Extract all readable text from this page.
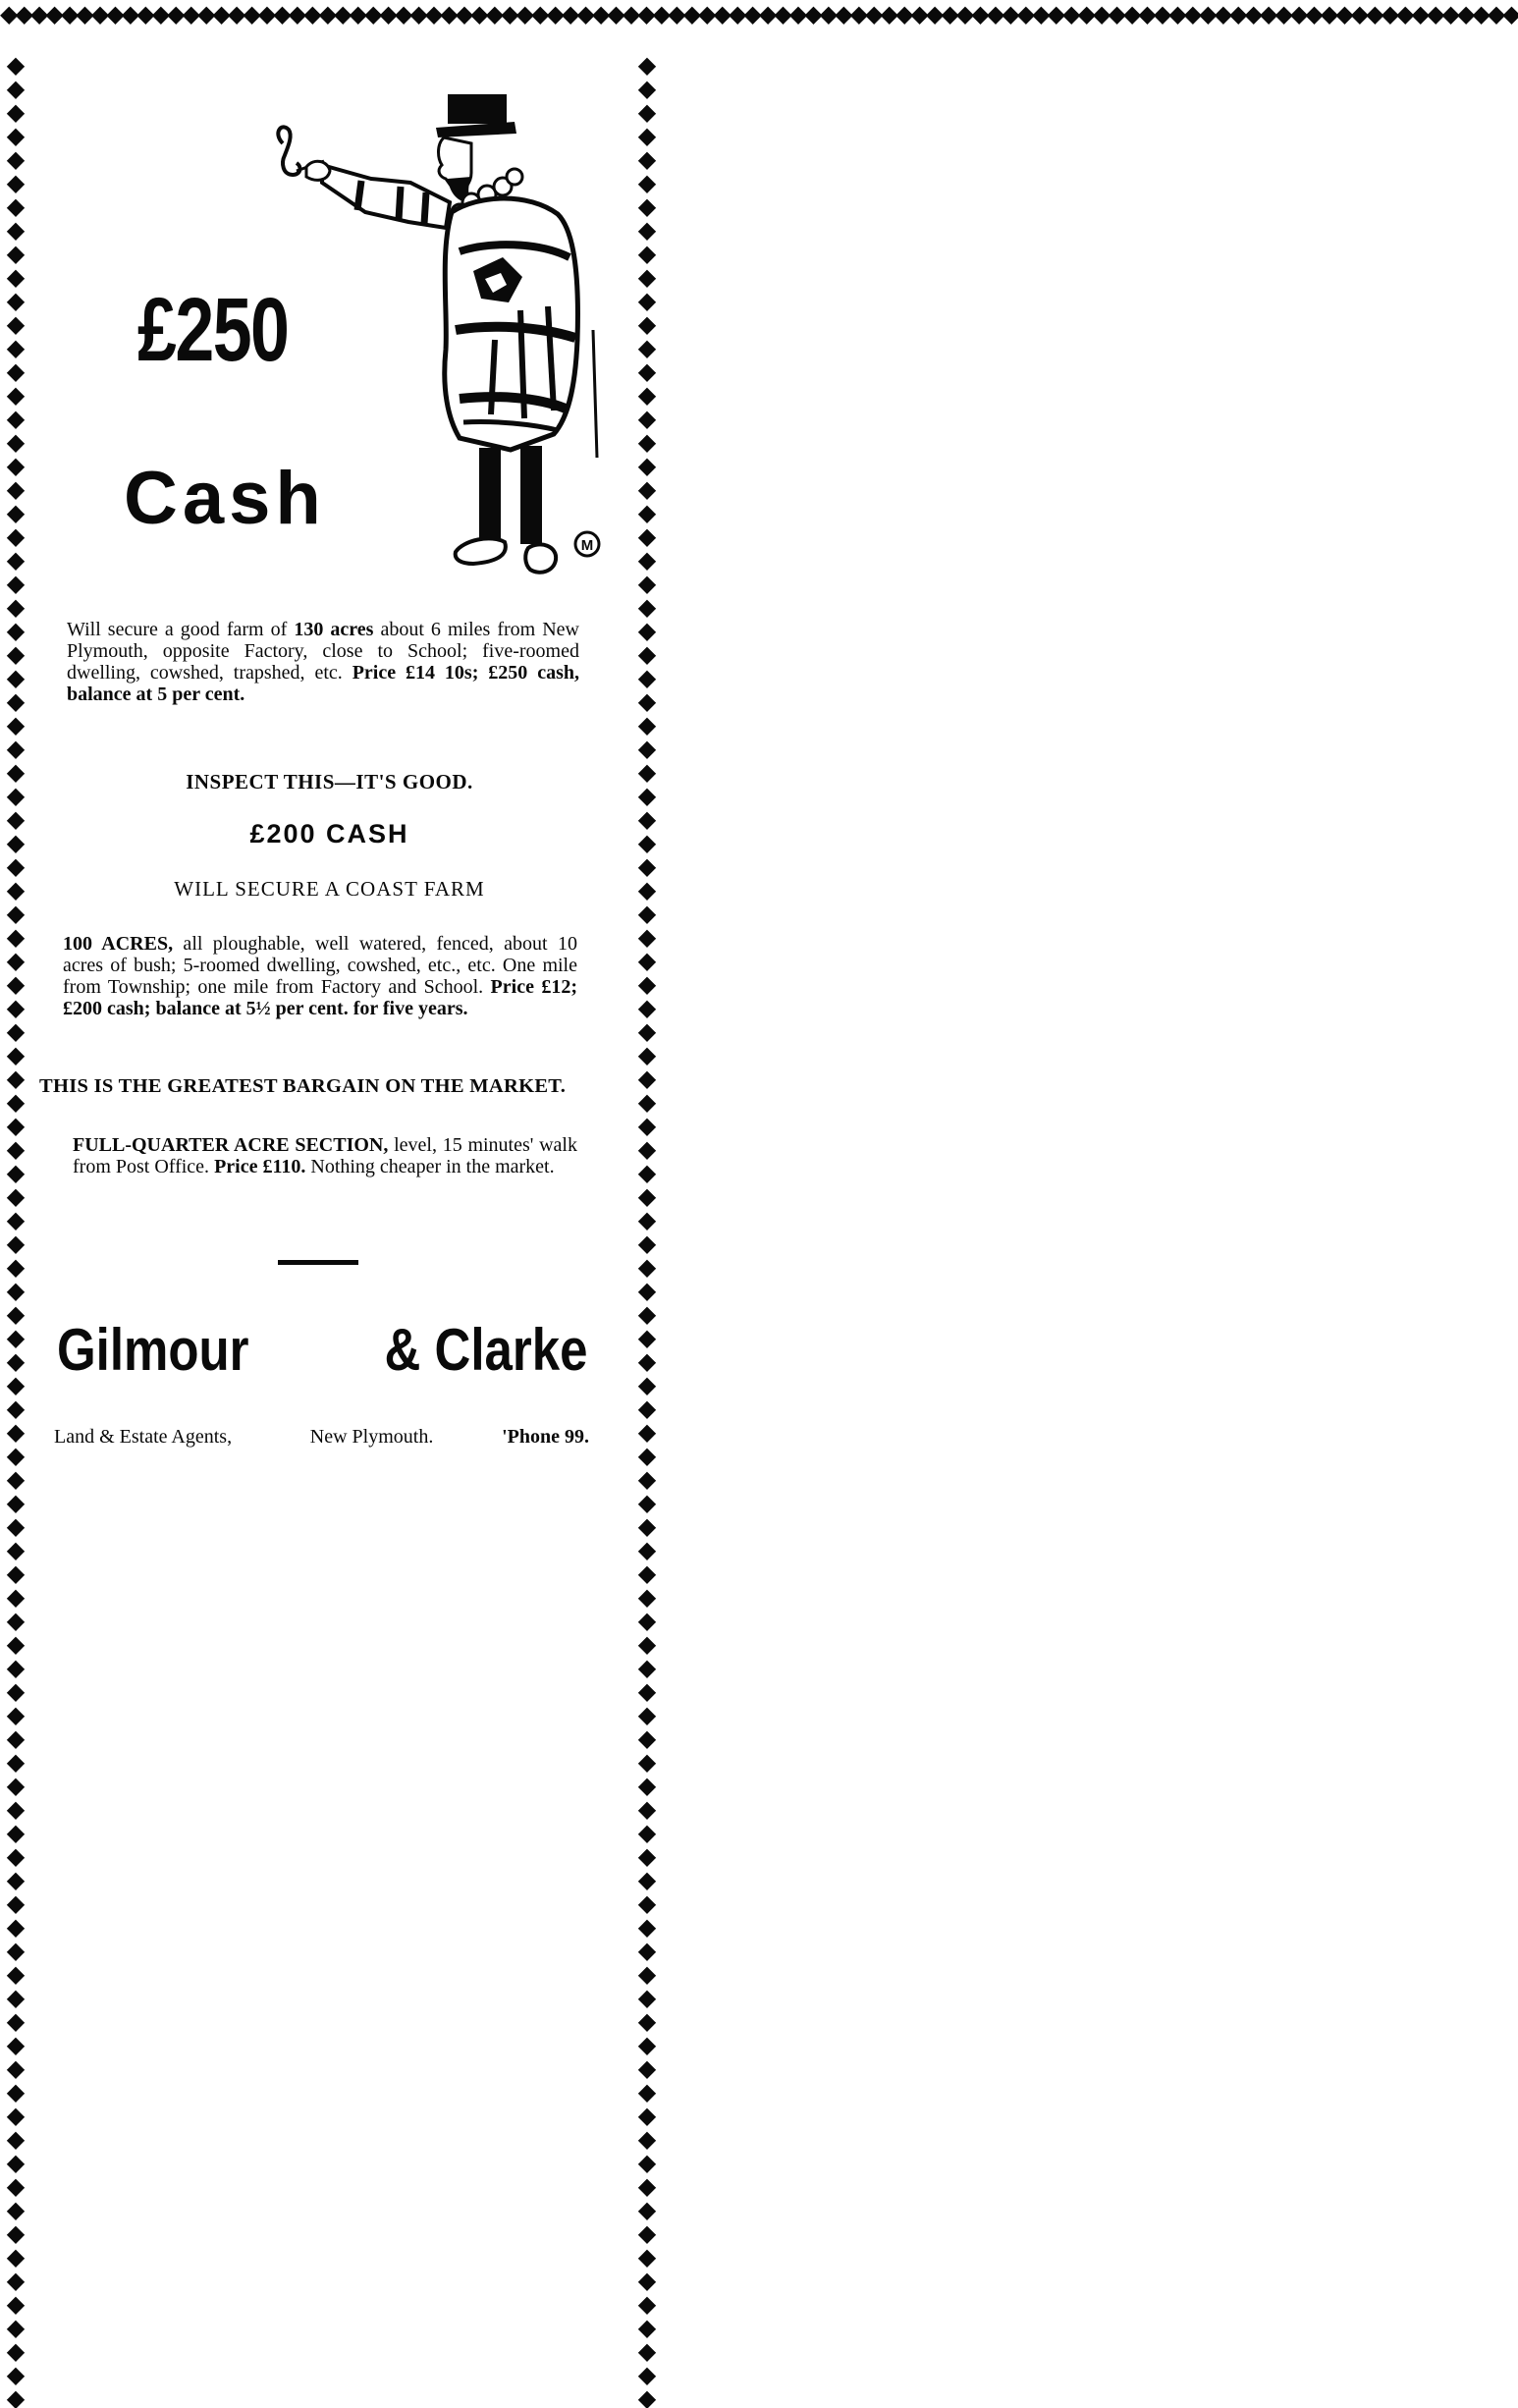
◆◆◆◆◆◆◆◆◆◆◆◆◆◆◆◆◆◆◆◆◆◆◆◆◆◆◆◆◆◆◆◆◆◆◆◆◆◆◆◆◆◆◆◆◆◆◆◆◆◆◆◆◆◆◆◆◆◆◆◆◆◆◆◆◆◆◆◆◆◆◆◆◆◆◆◆◆◆◆◆◆◆◆◆◆◆◆◆◆◆◆◆◆◆◆◆◆◆◆◆
◆◆◆◆◆◆◆◆◆◆◆◆◆◆◆◆◆◆◆◆◆◆◆◆◆◆◆◆◆◆◆◆◆◆◆◆◆◆◆◆◆◆◆◆◆◆◆◆◆◆◆◆◆◆◆◆◆◆◆◆◆◆◆◆◆◆◆◆◆◆◆◆◆◆◆◆◆◆◆◆◆◆◆◆◆◆◆◆◆◆◆◆◆◆◆◆◆◆◆◆	◆◆◆◆◆◆◆◆◆◆◆◆◆◆◆◆◆◆◆◆◆◆◆◆◆◆◆◆◆◆◆◆◆◆◆◆◆◆◆◆◆◆◆◆◆◆◆◆◆◆◆◆◆◆◆◆◆◆◆◆◆◆◆◆◆◆◆◆◆◆◆◆◆◆◆◆◆◆◆◆◆◆◆◆◆◆◆◆◆◆◆◆◆◆◆◆◆◆◆◆
M
£250
Cash
Will secure a good farm of 130 acres about 6 miles from New Plymouth, opposite Factory, close to School; five-roomed dwelling, cowshed, trapshed, etc. Price £14 10s; £250 cash, balance at 5 per cent.
INSPECT THIS—IT'S GOOD.
£200 CASH
WILL SECURE A COAST FARM
100 ACRES, all ploughable, well watered, fenced, about 10 acres of bush; 5-roomed dwelling, cowshed, etc., etc. One mile from Township; one mile from Factory and School. Price £12; £200 cash; balance at 5½ per cent. for five years.
THIS IS THE GREATEST BARGAIN ON THE MARKET.
FULL-QUARTER ACRE SECTION, level, 15 minutes' walk from Post Office. Price £110. Nothing cheaper in the market.
Gilmour & Clarke
Land & Estate Agents,	New Plymouth.	'Phone 99.
